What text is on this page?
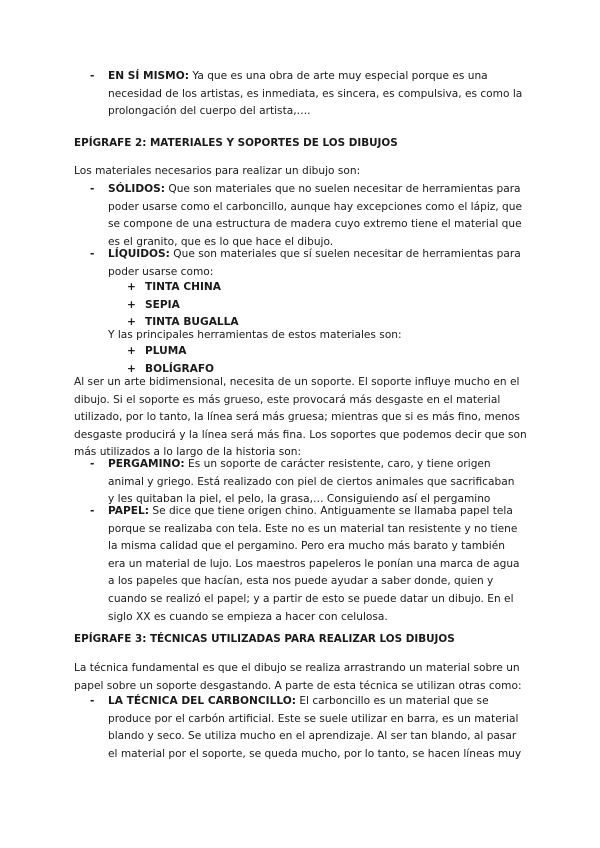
- EN SÍ MISMO: Ya que es una obra de arte muy especial porque es una necesidad de los artistas, es inmediata, es sincera, es compulsiva, es como la prolongación del cuerpo del artista,….

EPÍGRAFE 2: MATERIALES Y SOPORTES DE LOS DIBUJOS

Los materiales necesarios para realizar un dibujo son:

- SÓLIDOS: Que son materiales que no suelen necesitar de herramientas para poder usarse como el carboncillo, aunque hay excepciones como el lápiz, que se compone de una estructura de madera cuyo extremo tiene el material que es el granito, que es lo que hace el dibujo.

- LÍQUIDOS: Que son materiales que sí suelen necesitar de herramientas para poder usarse como:

+ TINTA CHINA

+ SEPIA

+ TINTA BUGALLA

Y las principales herramientas de estos materiales son:

+ PLUMA

+ BOLÍGRAFO

Al ser un arte bidimensional, necesita de un soporte. El soporte influye mucho en el dibujo. Si el soporte es más grueso, este provocará más desgaste en el material utilizado, por lo tanto, la línea será más gruesa; mientras que si es más fino, menos desgaste producirá y la línea será más fina. Los soportes que podemos decir que son más utilizados a lo largo de la historia son:

- PERGAMINO: Es un soporte de carácter resistente, caro, y tiene origen animal y griego. Está realizado con piel de ciertos animales que sacrificaban y les quitaban la piel, el pelo, la grasa,… Consiguiendo así el pergamino

- PAPEL: Se dice que tiene origen chino. Antiguamente se llamaba papel tela porque se realizaba con tela. Este no es un material tan resistente y no tiene la misma calidad que el pergamino. Pero era mucho más barato y también era un material de lujo. Los maestros papeleros le ponían una marca de agua a los papeles que hacían, esta nos puede ayudar a saber donde, quien y cuando se realizó el papel; y a partir de esto se puede datar un dibujo. En el siglo XX es cuando se empieza a hacer con celulosa.

EPÍGRAFE 3: TÉCNICAS UTILIZADAS PARA REALIZAR LOS DIBUJOS

La técnica fundamental es que el dibujo se realiza arrastrando un material sobre un papel sobre un soporte desgastando. A parte de esta técnica se utilizan otras como:

- LA TÉCNICA DEL CARBONCILLO: El carboncillo es un material que se produce por el carbón artificial. Este se suele utilizar en barra, es un material blando y seco. Se utiliza mucho en el aprendizaje. Al ser tan blando, al pasar el material por el soporte, se queda mucho, por lo tanto, se hacen líneas muy
